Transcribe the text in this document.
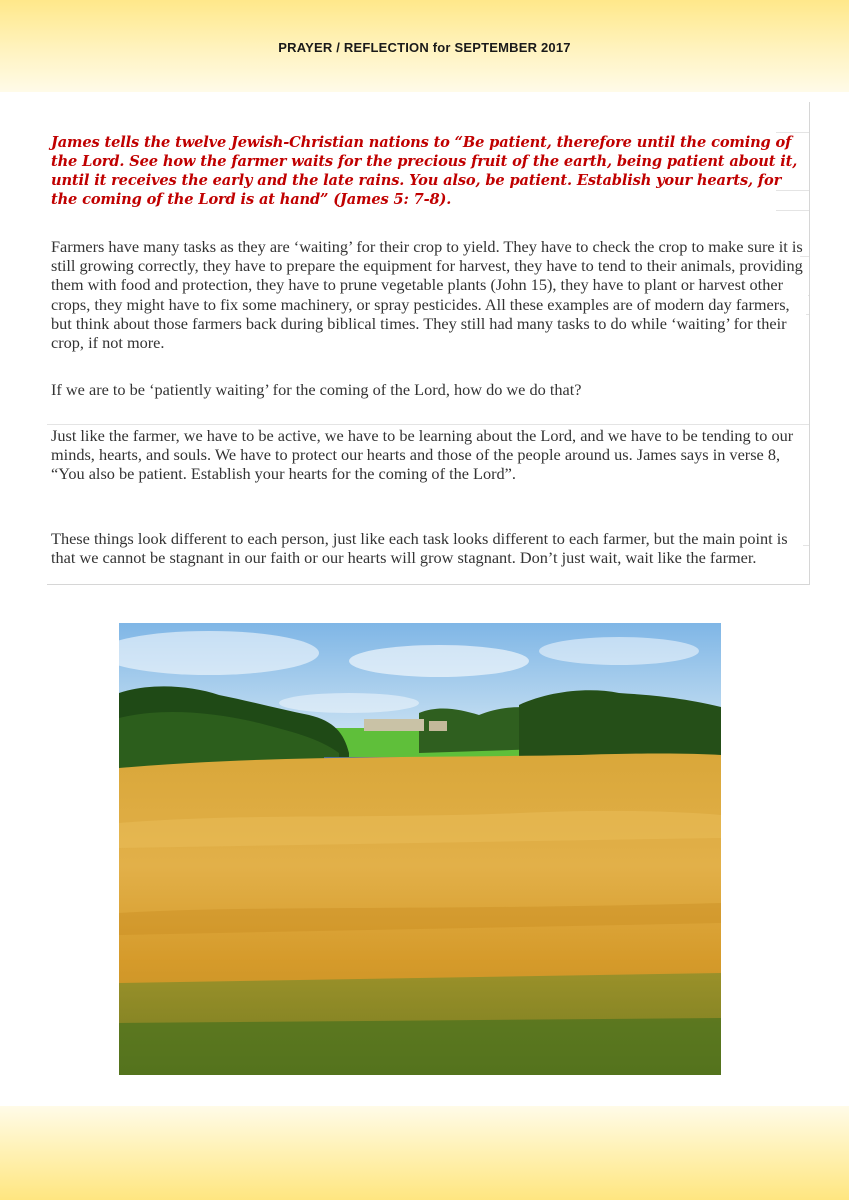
PRAYER / REFLECTION for SEPTEMBER 2017

James tells the twelve Jewish-Christian nations to “Be patient, therefore until the coming of the Lord. See how the farmer waits for the precious fruit of the earth, being patient about it, until it receives the early and the late rains. You also, be patient. Establish your hearts, for the coming of the Lord is at hand” (James 5: 7-8).

Farmers have many tasks as they are ‘waiting’ for their crop to yield. They have to check the crop to make sure it is still growing correctly, they have to prepare the equipment for harvest, they have to tend to their animals, providing them with food and protection, they have to prune vegetable plants (John 15), they have to plant or harvest other crops, they might have to fix some machinery, or spray pesticides. All these examples are of modern day farmers, but think about those farmers back during biblical times. They still had many tasks to do while ‘waiting’ for their crop, if not more.

If we are to be ‘patiently waiting’ for the coming of the Lord, how do we do that?

Just like the farmer, we have to be active, we have to be learning about the Lord, and we have to be tending to our minds, hearts, and souls. We have to protect our hearts and those of the people around us. James says in verse 8, “You also be patient. Establish your hearts for the coming of the Lord”.

These things look different to each person, just like each task looks different to each farmer, but the main point is that we cannot be stagnant in our faith or our hearts will grow stagnant. Don’t just wait, wait like the farmer.
